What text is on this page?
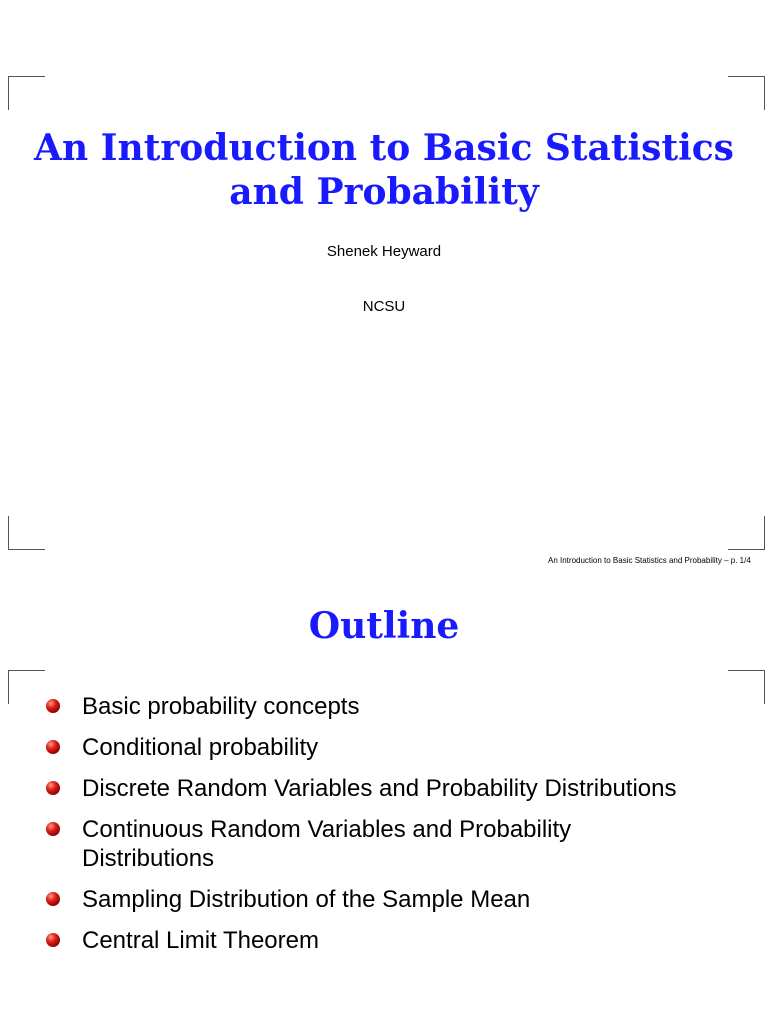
An Introduction to Basic Statistics
and Probability
Shenek Heyward
NCSU
An Introduction to Basic Statistics and Probability – p. 1/4
Outline
Basic probability concepts
Conditional probability
Discrete Random Variables and Probability Distributions
Continuous Random Variables and Probability Distributions
Sampling Distribution of the Sample Mean
Central Limit Theorem
